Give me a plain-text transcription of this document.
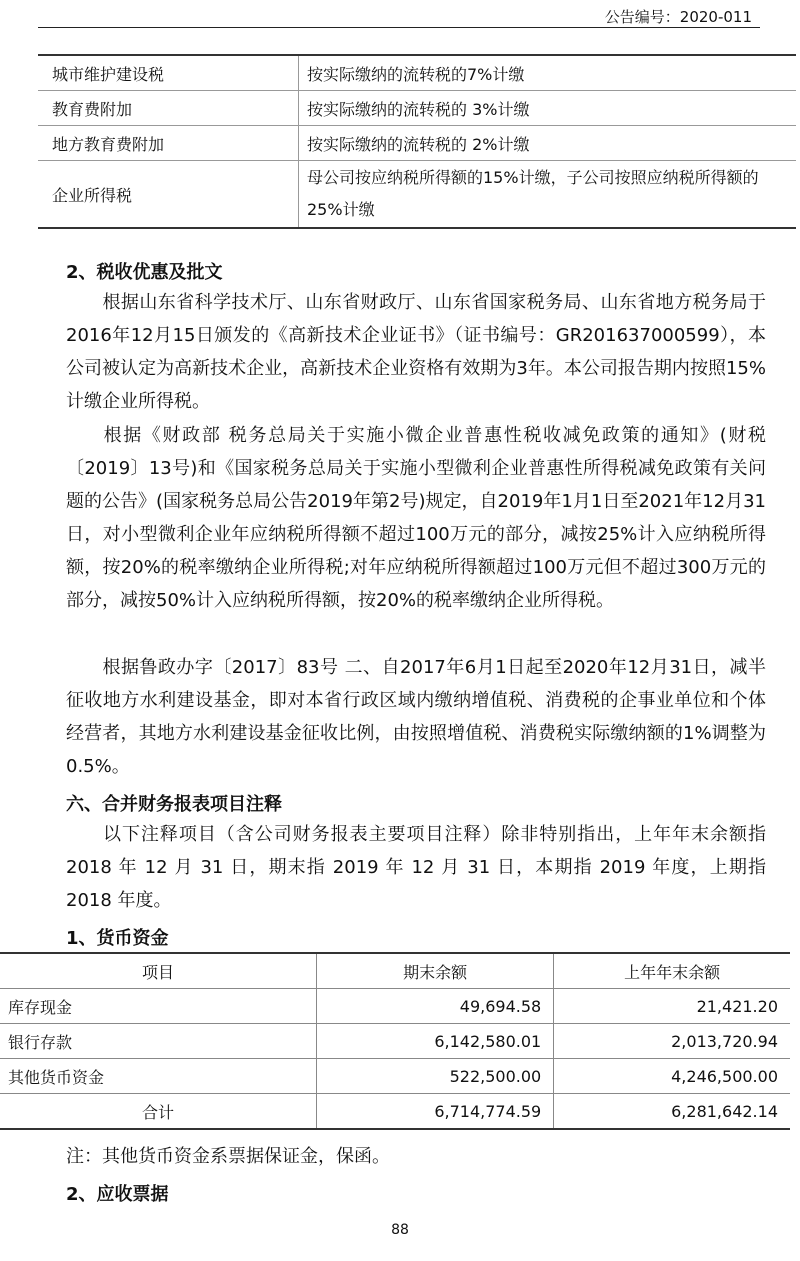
公告编号：2020-011
城市维护建设税	按实际缴纳的流转税的7%计缴
教育费附加	按实际缴纳的流转税的 3%计缴
地方教育费附加	按实际缴纳的流转税的 2%计缴
企业所得税	母公司按应纳税所得额的15%计缴，子公司按照应纳税所得额的25%计缴
2、税收优惠及批文
根据山东省科学技术厅、山东省财政厅、山东省国家税务局、山东省地方税务局于2016年12月15日颁发的《高新技术企业证书》（证书编号：GR201637000599），本公司被认定为高新技术企业，高新技术企业资格有效期为3年。本公司报告期内按照15%计缴企业所得税。
根据《财政部 税务总局关于实施小微企业普惠性税收减免政策的通知》(财税〔2019〕13号)和《国家税务总局关于实施小型微利企业普惠性所得税减免政策有关问题的公告》(国家税务总局公告2019年第2号)规定，自2019年1月1日至2021年12月31日，对小型微利企业年应纳税所得额不超过100万元的部分，减按25%计入应纳税所得额，按20%的税率缴纳企业所得税;对年应纳税所得额超过100万元但不超过300万元的部分，减按50%计入应纳税所得额，按20%的税率缴纳企业所得税。
根据鲁政办字〔2017〕83号 二、自2017年6月1日起至2020年12月31日，减半征收地方水利建设基金，即对本省行政区域内缴纳增值税、消费税的企事业单位和个体经营者，其地方水利建设基金征收比例，由按照增值税、消费税实际缴纳额的1%调整为0.5%。
六、合并财务报表项目注释
以下注释项目（含公司财务报表主要项目注释）除非特别指出，上年年末余额指 2018 年 12 月 31 日，期末指 2019 年 12 月 31 日，本期指 2019 年度，上期指 2018 年度。
1、货币资金
项目	期末余额	上年年末余额
库存现金	49,694.58	21,421.20
银行存款	6,142,580.01	2,013,720.94
其他货币资金	522,500.00	4,246,500.00
合计	6,714,774.59	6,281,642.14
注：其他货币资金系票据保证金，保函。
2、应收票据
88
